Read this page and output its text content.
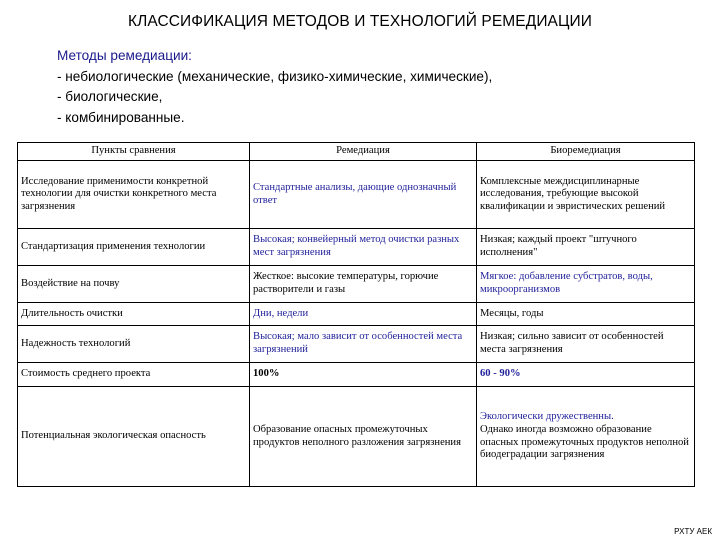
КЛАССИФИКАЦИЯ МЕТОДОВ И ТЕХНОЛОГИЙ РЕМЕДИАЦИИ
Методы ремедиации:
- небиологические (механические, физико-химические, химические),
- биологические,
- комбинированные.
Пункты сравнения	Ремедиация	Биоремедиация
Исследование применимости конкретной технологии для очистки конкретного места загрязнения	Стандартные анализы, дающие однозначный ответ	Комплексные междисциплинарные исследования, требующие высокой квалификации и эвристических решений
Стандартизация применения технологии	Высокая; конвейерный метод очистки разных мест загрязнения	Низкая; каждый проект "штучного исполнения"
Воздействие на почву	Жесткое: высокие температуры, горючие растворители и газы	Мягкое: добавление субстратов, воды, микроорганизмов
Длительность очистки	Дни, недели	Месяцы, годы
Надежность технологий	Высокая; мало зависит от особенностей места загрязнений	Низкая; сильно зависит от особенностей места загрязнения
Стоимость среднего проекта	100%	60 - 90%
Потенциальная экологическая опасность	Образование опасных промежуточных продуктов неполного разложения загрязнения	Экологически дружественны.
Однако иногда возможно образование опасных промежуточных продуктов неполной биодеградации загрязнения
РХТУ АЕК
